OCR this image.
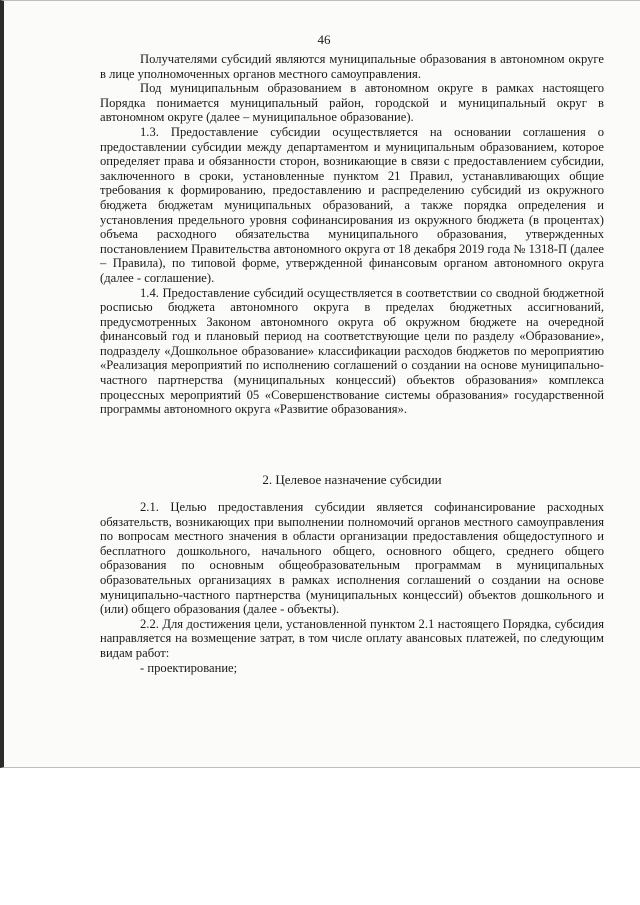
46

Получателями субсидий являются муниципальные образования в автономном округе в лице уполномоченных органов местного самоуправления.

Под муниципальным образованием в автономном округе в рамках настоящего Порядка понимается муниципальный район, городской и муниципальный округ в автономном округе (далее – муниципальное образование).

1.3. Предоставление субсидии осуществляется на основании соглашения о предоставлении субсидии между департаментом и муниципальным образованием, которое определяет права и обязанности сторон, возникающие в связи с предоставлением субсидии, заключенного в сроки, установленные пунктом 21 Правил, устанавливающих общие требования к формированию, предоставлению и распределению субсидий из окружного бюджета бюджетам муниципальных образований, а также порядка определения и установления предельного уровня софинансирования из окружного бюджета (в процентах) объема расходного обязательства муниципального образования, утвержденных постановлением Правительства автономного округа от 18 декабря 2019 года № 1318-П (далее – Правила), по типовой форме, утвержденной финансовым органом автономного округа (далее - соглашение).

1.4. Предоставление субсидий осуществляется в соответствии со сводной бюджетной росписью бюджета автономного округа в пределах бюджетных ассигнований, предусмотренных Законом автономного округа об окружном бюджете на очередной финансовый год и плановый период на соответствующие цели по разделу «Образование», подразделу «Дошкольное образование» классификации расходов бюджетов по мероприятию «Реализация мероприятий по исполнению соглашений о создании на основе муниципально-частного партнерства (муниципальных концессий) объектов образования» комплекса процессных мероприятий 05 «Совершенствование системы образования» государственной программы автономного округа «Развитие образования».

2. Целевое назначение субсидии

2.1. Целью предоставления субсидии является софинансирование расходных обязательств, возникающих при выполнении полномочий органов местного самоуправления по вопросам местного значения в области организации предоставления общедоступного и бесплатного дошкольного, начального общего, основного общего, среднего общего образования по основным общеобразовательным программам в муниципальных образовательных организациях в рамках исполнения соглашений о создании на основе муниципально-частного партнерства (муниципальных концессий) объектов дошкольного и (или) общего образования (далее - объекты).

2.2. Для достижения цели, установленной пунктом 2.1 настоящего Порядка, субсидия направляется на возмещение затрат, в том числе оплату авансовых платежей, по следующим видам работ:

- проектирование;
